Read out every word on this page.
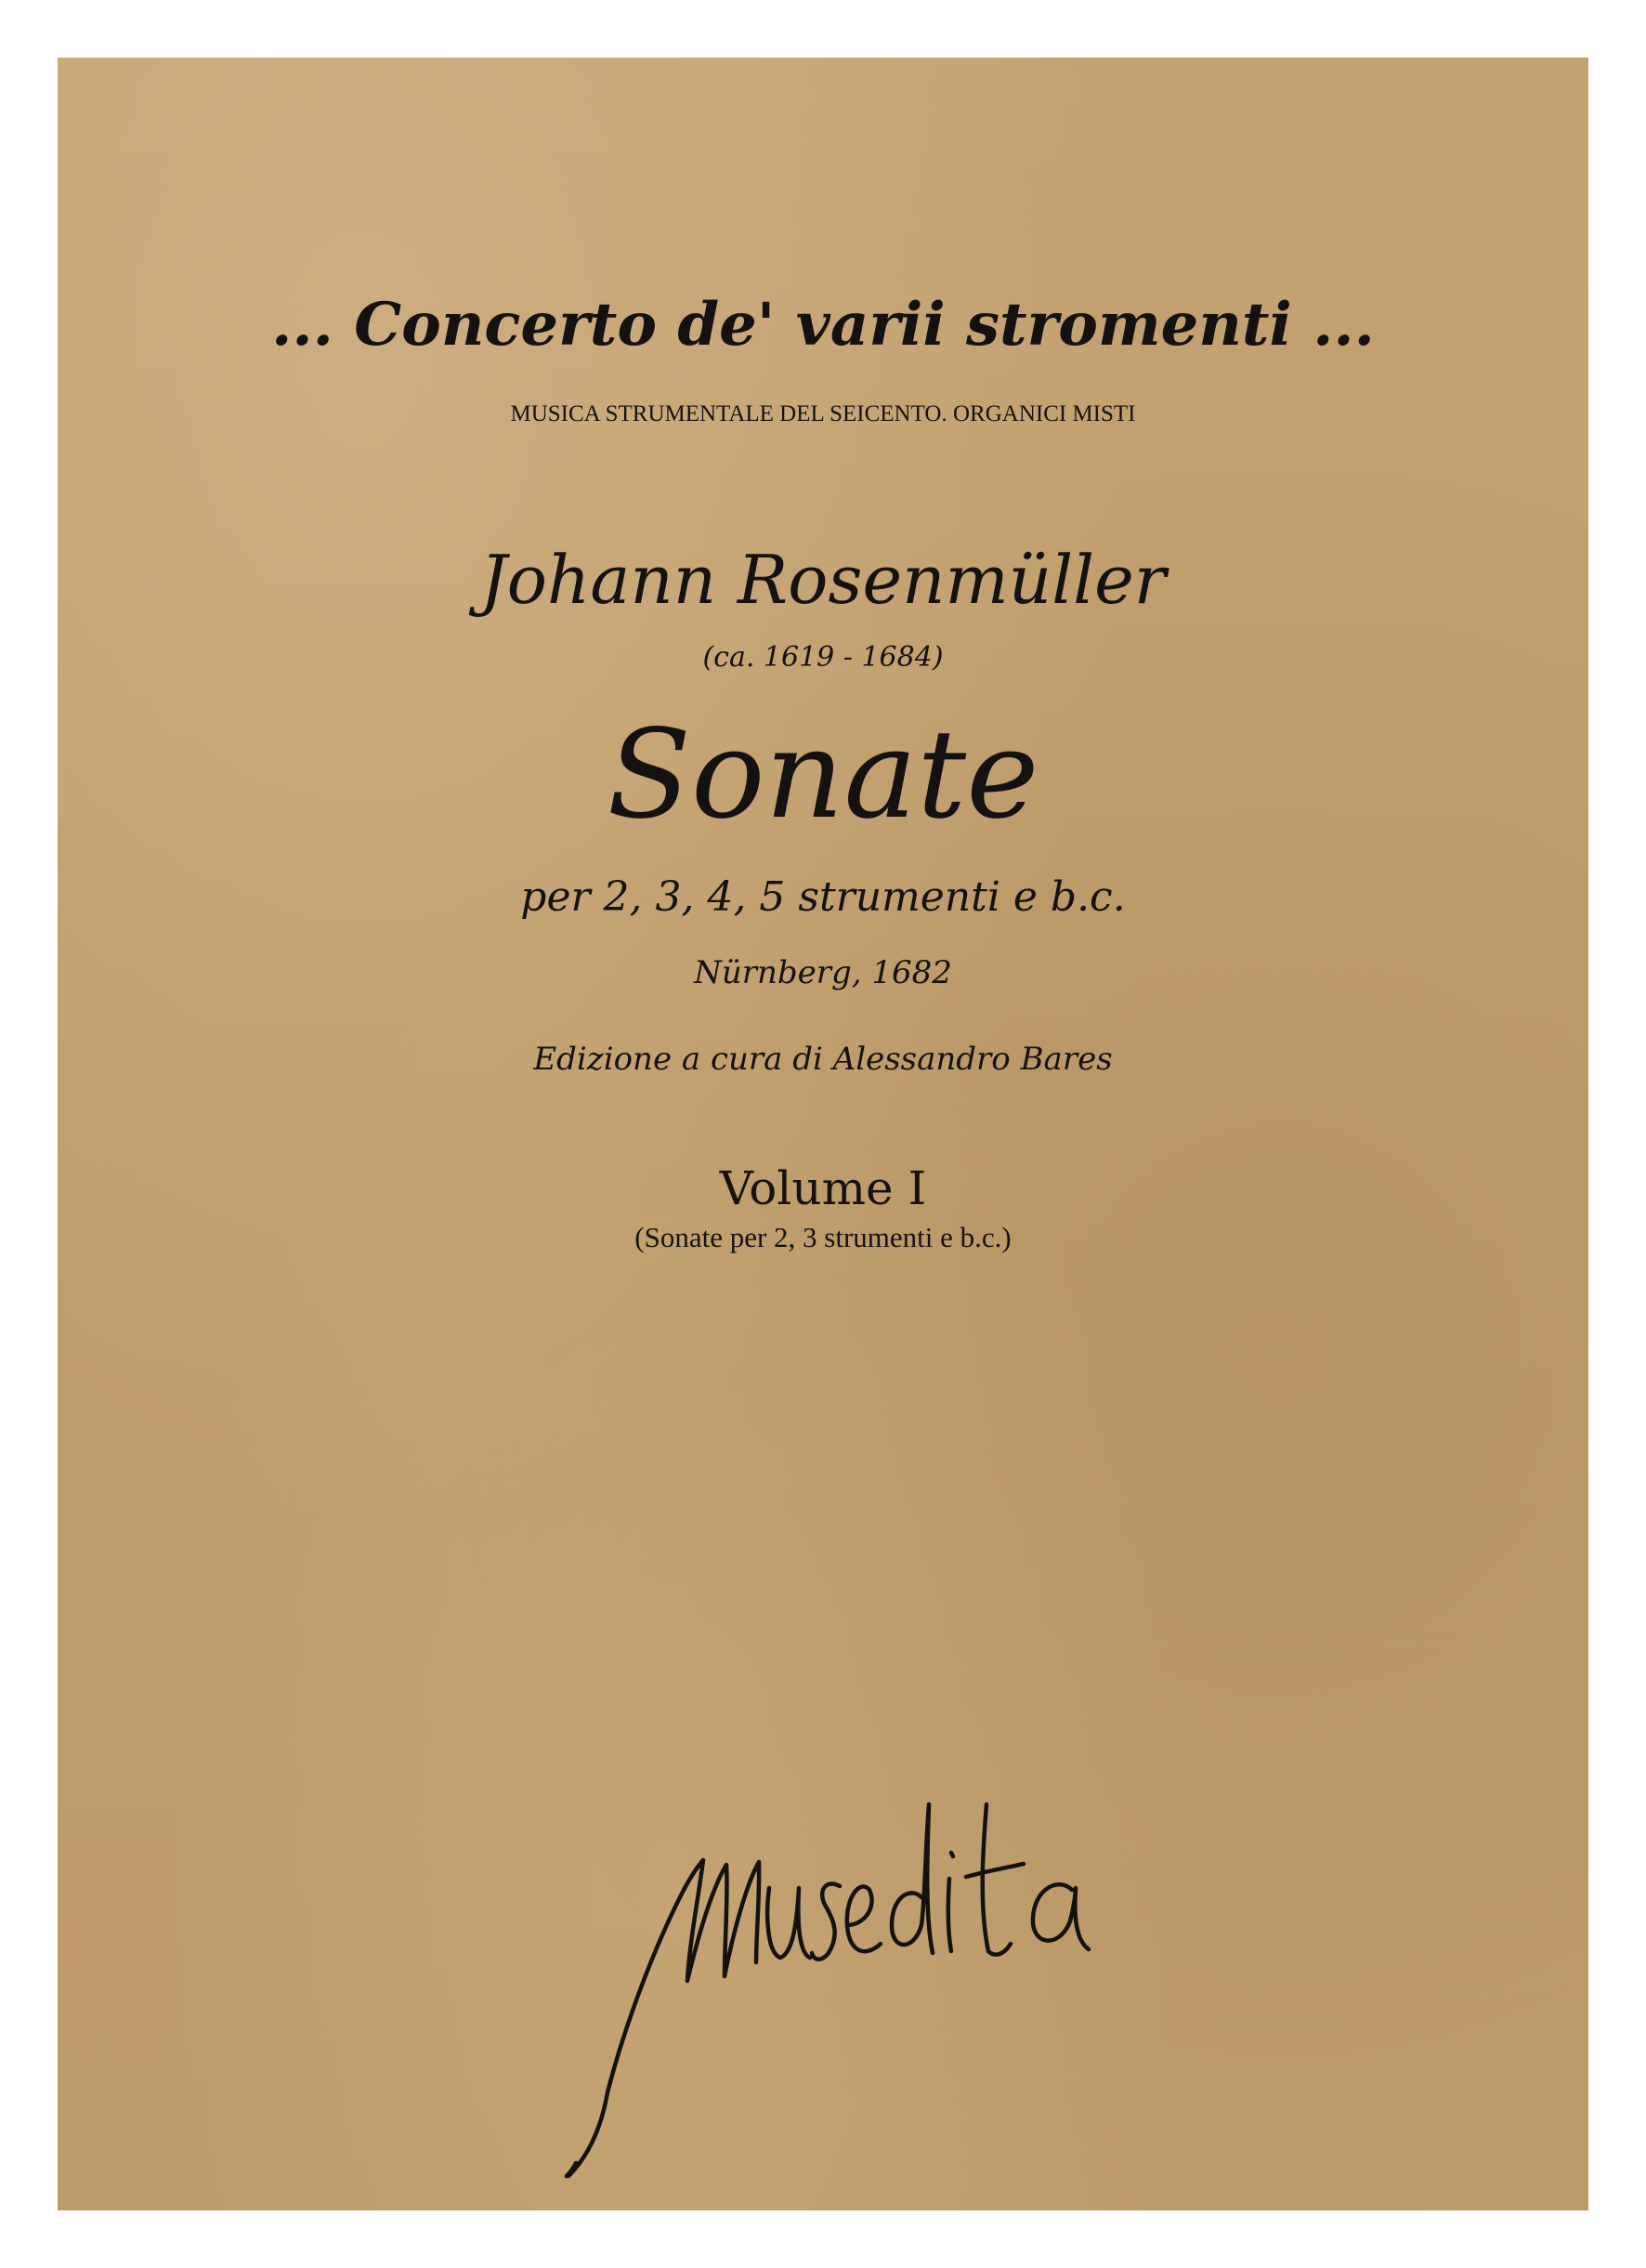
... Concerto de' varii stromenti ...
MUSICA STRUMENTALE DEL SEICENTO. ORGANICI MISTI
Johann Rosenmüller
(ca. 1619 - 1684)
Sonate
per 2, 3, 4, 5 strumenti e b.c.
Nürnberg, 1682
Edizione a cura di Alessandro Bares
Volume I
(Sonate per 2, 3 strumenti e b.c.)
